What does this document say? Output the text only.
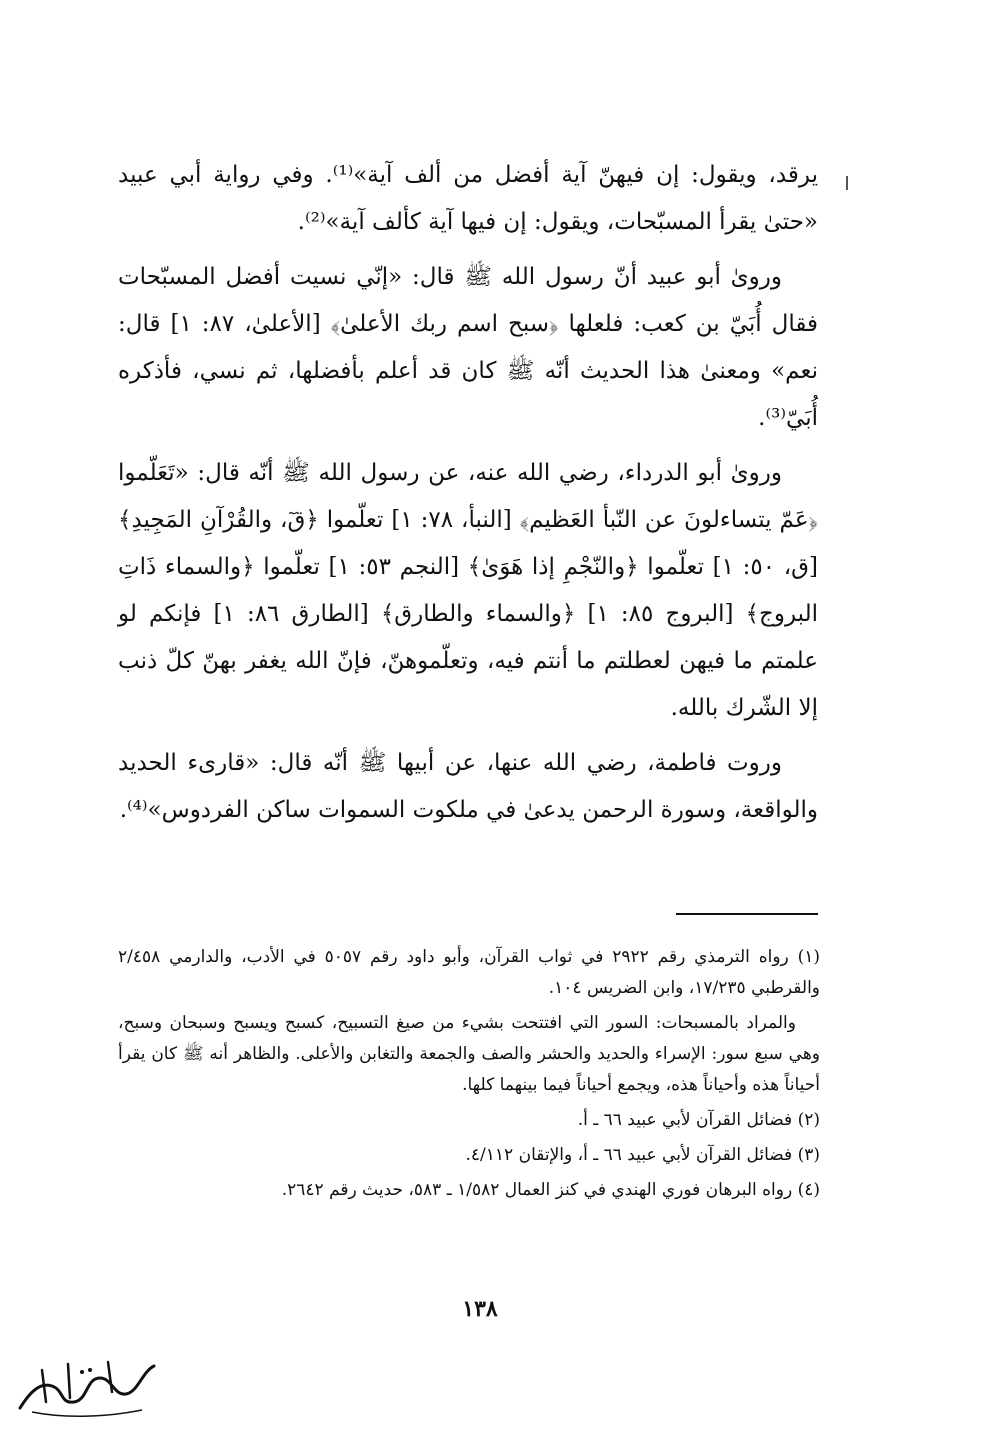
يرقد، ويقول: إن فيهنّ آية أفضل من ألف آية»⁽¹⁾. وفي رواية أبي عبيد «حتىٰ يقرأ المسبّحات، ويقول: إن فيها آية كألف آية»⁽²⁾.

وروىٰ أبو عبيد أنّ رسول الله ﷺ قال: «إنّي نسيت أفضل المسبّحات فقال أُبَيّ بن كعب: فلعلها ﴿سبح اسم ربك الأعلىٰ﴾ [الأعلىٰ، ٨٧: ١] قال: نعم» ومعنىٰ هذا الحديث أنّه ﷺ كان قد أعلم بأفضلها، ثم نسي، فأذكره أُبَيّ⁽³⁾.

وروىٰ أبو الدرداء، رضي الله عنه، عن رسول الله ﷺ أنّه قال: «تَعَلّموا ﴿عَمّ يتساءلونَ عن النّبأ العَظيم﴾ [النبأ، ٧٨: ١] تعلّموا ﴿قٓ، والقُرْآنِ المَجِيدِ﴾ [ق، ٥٠: ١] تعلّموا ﴿والنّجْمِ إذا هَوَىٰ﴾ [النجم ٥٣: ١] تعلّموا ﴿والسماء ذَاتِ البروج﴾ [البروج ٨٥: ١] ﴿والسماء والطارق﴾ [الطارق ٨٦: ١] فإنكم لو علمتم ما فيهن لعطلتم ما أنتم فيه، وتعلّموهنّ، فإنّ الله يغفر بهنّ كلّ ذنب إلا الشّرك بالله.

وروت فاطمة، رضي الله عنها، عن أبيها ﷺ أنّه قال: «قارىء الحديد والواقعة، وسورة الرحمن يدعىٰ في ملكوت السموات ساكن الفردوس»⁽⁴⁾.

(١) رواه الترمذي رقم ٢٩٢٢ في ثواب القرآن، وأبو داود رقم ٥٠٥٧ في الأدب، والدارمي ٢/٤٥٨ والقرطبي ١٧/٢٣٥، وابن الضريس ١٠٤.

والمراد بالمسبحات: السور التي افتتحت بشيء من صيغ التسبيح، كسبح ويسبح وسبحان وسبح، وهي سبع سور: الإسراء والحديد والحشر والصف والجمعة والتغابن والأعلى. والظاهر أنه ﷺ كان يقرأ أحياناً هذه وأحياناً هذه، ويجمع أحياناً فيما بينهما كلها.

(٢) فضائل القرآن لأبي عبيد ٦٦ ـ أ.

(٣) فضائل القرآن لأبي عبيد ٦٦ ـ أ، والإتقان ٤/١١٢.

(٤) رواه البرهان فوري الهندي في كنز العمال ١/٥٨٢ ـ ٥٨٣، حديث رقم ٢٦٤٢.

١٣٨
